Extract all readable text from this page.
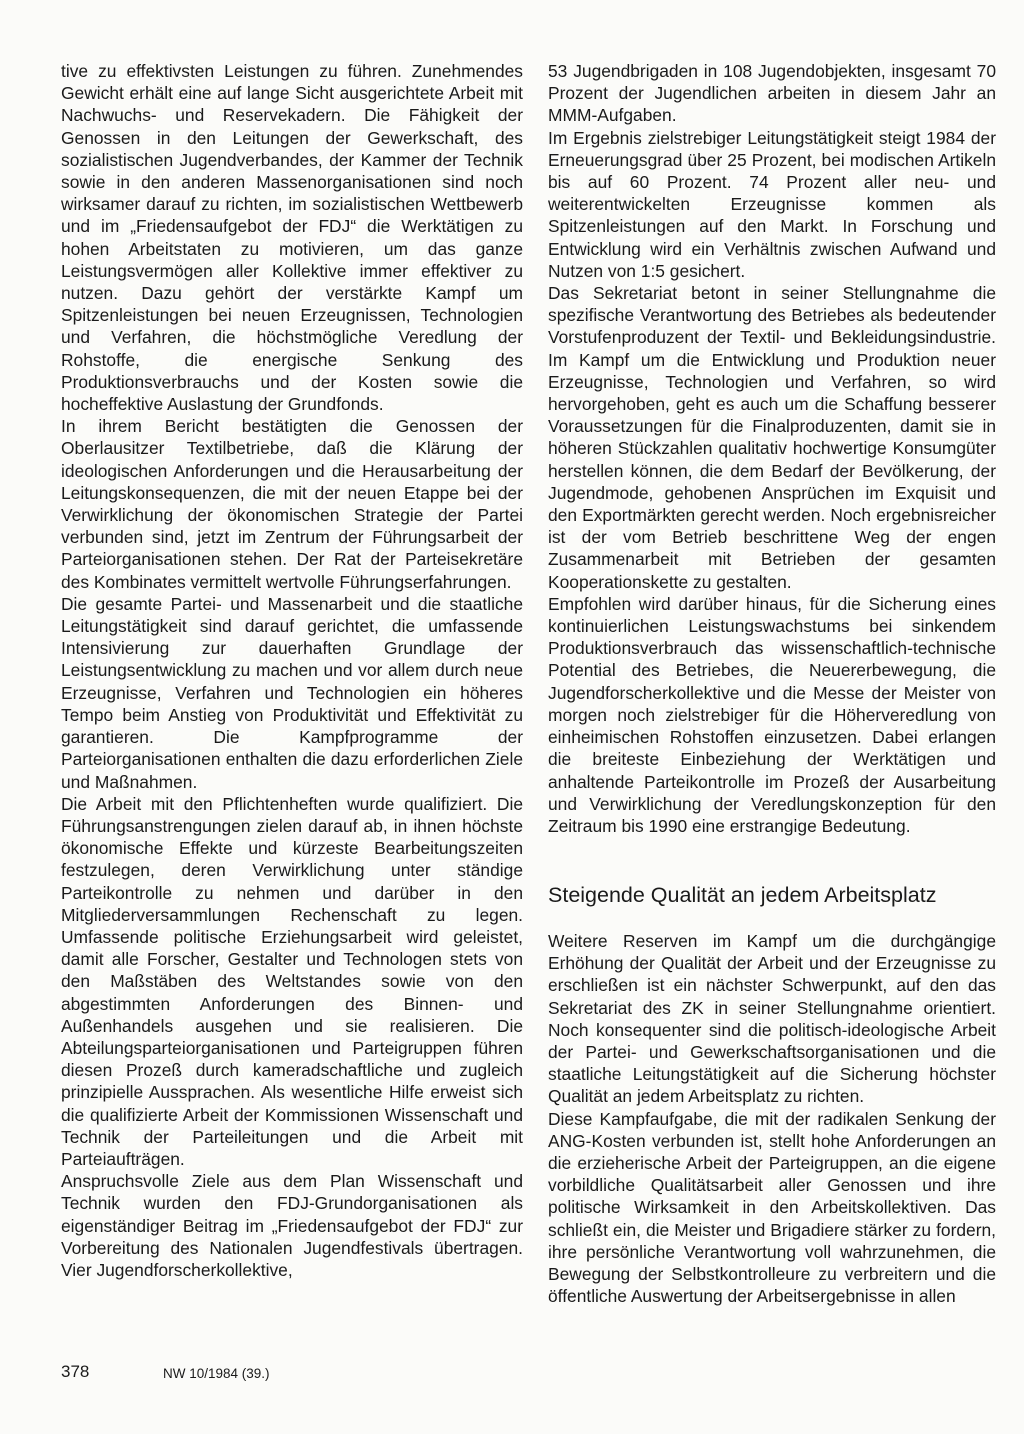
tive zu effektivsten Leistungen zu führen. Zunehmendes Gewicht erhält eine auf lange Sicht ausgerichtete Arbeit mit Nachwuchs- und Reservekadern. Die Fähigkeit der Genossen in den Leitungen der Gewerkschaft, des sozialistischen Jugendverbandes, der Kammer der Technik sowie in den anderen Massenorganisationen sind noch wirksamer darauf zu richten, im sozialistischen Wettbewerb und im „Friedensaufgebot der FDJ“ die Werktätigen zu hohen Arbeitstaten zu motivieren, um das ganze Leistungsvermögen aller Kollektive immer effektiver zu nutzen. Dazu gehört der verstärkte Kampf um Spitzenleistungen bei neuen Erzeugnissen, Technologien und Verfahren, die höchstmögliche Veredlung der Rohstoffe, die energische Senkung des Produktionsverbrauchs und der Kosten sowie die hocheffektive Auslastung der Grundfonds.

In ihrem Bericht bestätigten die Genossen der Oberlausitzer Textilbetriebe, daß die Klärung der ideologischen Anforderungen und die Herausarbeitung der Leitungskonsequenzen, die mit der neuen Etappe bei der Verwirklichung der ökonomischen Strategie der Partei verbunden sind, jetzt im Zentrum der Führungsarbeit der Parteiorganisationen stehen. Der Rat der Parteisekretäre des Kombinates vermittelt wertvolle Führungserfahrungen.

Die gesamte Partei- und Massenarbeit und die staatliche Leitungstätigkeit sind darauf gerichtet, die umfassende Intensivierung zur dauerhaften Grundlage der Leistungsentwicklung zu machen und vor allem durch neue Erzeugnisse, Verfahren und Technologien ein höheres Tempo beim Anstieg von Produktivität und Effektivität zu garantieren. Die Kampfprogramme der Parteiorganisationen enthalten die dazu erforderlichen Ziele und Maßnahmen.

Die Arbeit mit den Pflichtenheften wurde qualifiziert. Die Führungsanstrengungen zielen darauf ab, in ihnen höchste ökonomische Effekte und kürzeste Bearbeitungszeiten festzulegen, deren Verwirklichung unter ständige Parteikontrolle zu nehmen und darüber in den Mitgliederversammlungen Rechenschaft zu legen. Umfassende politische Erziehungsarbeit wird geleistet, damit alle Forscher, Gestalter und Technologen stets von den Maßstäben des Weltstandes sowie von den abgestimmten Anforderungen des Binnen- und Außenhandels ausgehen und sie realisieren. Die Abteilungsparteiorganisationen und Parteigruppen führen diesen Prozeß durch kameradschaftliche und zugleich prinzipielle Aussprachen. Als wesentliche Hilfe erweist sich die qualifizierte Arbeit der Kommissionen Wissenschaft und Technik der Parteileitungen und die Arbeit mit Parteiaufträgen.

Anspruchsvolle Ziele aus dem Plan Wissenschaft und Technik wurden den FDJ-Grundorganisationen als eigenständiger Beitrag im „Friedensaufgebot der FDJ“ zur Vorbereitung des Nationalen Jugendfestivals übertragen. Vier Jugendforscherkollektive,

53 Jugendbrigaden in 108 Jugendobjekten, insgesamt 70 Prozent der Jugendlichen arbeiten in diesem Jahr an MMM-Aufgaben.

Im Ergebnis zielstrebiger Leitungstätigkeit steigt 1984 der Erneuerungsgrad über 25 Prozent, bei modischen Artikeln bis auf 60 Prozent. 74 Prozent aller neu- und weiterentwickelten Erzeugnisse kommen als Spitzenleistungen auf den Markt. In Forschung und Entwicklung wird ein Verhältnis zwischen Aufwand und Nutzen von 1:5 gesichert.

Das Sekretariat betont in seiner Stellungnahme die spezifische Verantwortung des Betriebes als bedeutender Vorstufenproduzent der Textil- und Bekleidungsindustrie. Im Kampf um die Entwicklung und Produktion neuer Erzeugnisse, Technologien und Verfahren, so wird hervorgehoben, geht es auch um die Schaffung besserer Voraussetzungen für die Finalproduzenten, damit sie in höheren Stückzahlen qualitativ hochwertige Konsumgüter herstellen können, die dem Bedarf der Bevölkerung, der Jugendmode, gehobenen Ansprüchen im Exquisit und den Exportmärkten gerecht werden. Noch ergebnisreicher ist der vom Betrieb beschrittene Weg der engen Zusammenarbeit mit Betrieben der gesamten Kooperationskette zu gestalten.

Empfohlen wird darüber hinaus, für die Sicherung eines kontinuierlichen Leistungswachstums bei sinkendem Produktionsverbrauch das wissenschaftlich-technische Potential des Betriebes, die Neuererbewegung, die Jugendforscherkollektive und die Messe der Meister von morgen noch zielstrebiger für die Höherveredlung von einheimischen Rohstoffen einzusetzen. Dabei erlangen die breiteste Einbeziehung der Werktätigen und anhaltende Parteikontrolle im Prozeß der Ausarbeitung und Verwirklichung der Veredlungskonzeption für den Zeitraum bis 1990 eine erstrangige Bedeutung.

Steigende Qualität an jedem Arbeitsplatz

Weitere Reserven im Kampf um die durchgängige Erhöhung der Qualität der Arbeit und der Erzeugnisse zu erschließen ist ein nächster Schwerpunkt, auf den das Sekretariat des ZK in seiner Stellungnahme orientiert. Noch konsequenter sind die politisch-ideologische Arbeit der Partei- und Gewerkschaftsorganisationen und die staatliche Leitungstätigkeit auf die Sicherung höchster Qualität an jedem Arbeitsplatz zu richten.

Diese Kampfaufgabe, die mit der radikalen Senkung der ANG-Kosten verbunden ist, stellt hohe Anforderungen an die erzieherische Arbeit der Parteigruppen, an die eigene vorbildliche Qualitätsarbeit aller Genossen und ihre politische Wirksamkeit in den Arbeitskollektiven. Das schließt ein, die Meister und Brigadiere stärker zu fordern, ihre persönliche Verantwortung voll wahrzunehmen, die Bewegung der Selbstkontrolleure zu verbreitern und die öffentliche Auswertung der Arbeitsergebnisse in allen

378	NW 10/1984 (39.)
